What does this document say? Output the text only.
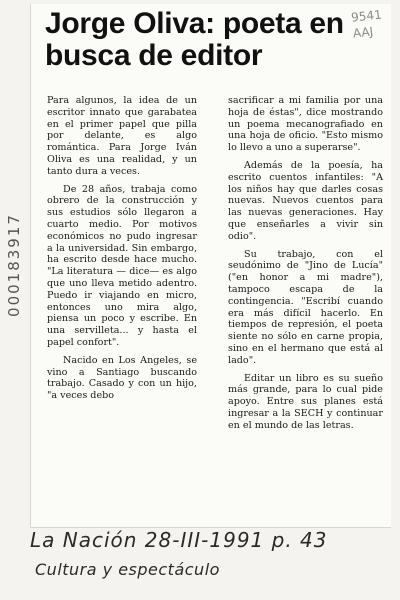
Jorge Oliva: poeta en busca de editor
9541
AAJ
000183917

Para algunos, la idea de un escritor innato que garabatea en el primer papel que pilla por delante, es algo romántica. Para Jorge Iván Oliva es una realidad, y un tanto dura a veces.

De 28 años, trabaja como obrero de la construcción y sus estudios sólo llegaron a cuarto medio. Por motivos económicos no pudo ingresar a la universidad. Sin embargo, ha escrito desde hace mucho. "La literatura — dice— es algo que uno lleva metido adentro. Puedo ir viajando en micro, entonces uno mira algo, piensa un poco y escribe. En una servilleta... y hasta el papel confort".

Nacido en Los Angeles, se vino a Santiago buscando trabajo. Casado y con un hijo, "a veces debo

sacrificar a mi familia por una hoja de éstas", dice mostrando un poema mecanografiado en una hoja de oficio. "Esto mismo lo llevo a uno a superarse".

Además de la poesía, ha escrito cuentos infantiles: "A los niños hay que darles cosas nuevas. Nuevos cuentos para las nuevas generaciones. Hay que enseñarles a vivir sin odio".

Su trabajo, con el seudónimo de "Jino de Lucía" ("en honor a mi madre"), tampoco escapa de la contingencia. "Escribí cuando era más difícil hacerlo. En tiempos de represión, el poeta siente no sólo en carne propia, sino en el hermano que está al lado".

Editar un libro es su sueño más grande, para lo cual pide apoyo. Entre sus planes está ingresar a la SECH y continuar en el mundo de las letras.

La Nación 28-III-1991 p. 43
Cultura y espectáculo
